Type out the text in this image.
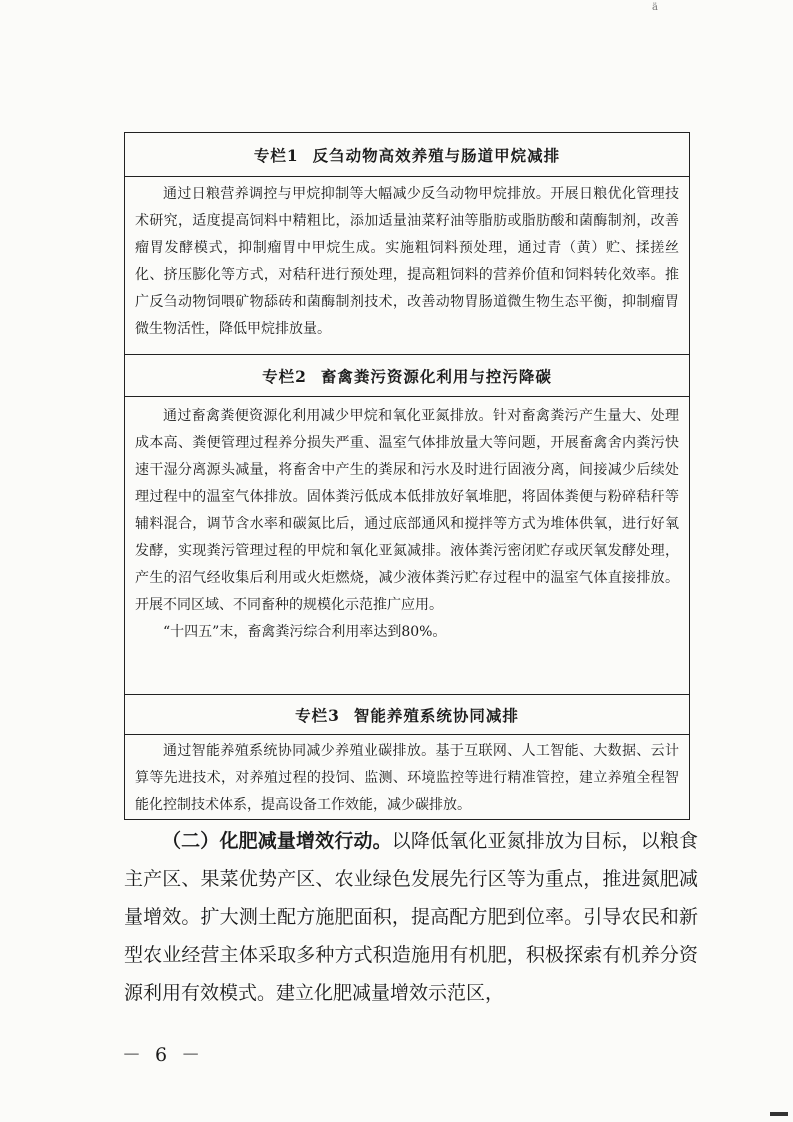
ä
专栏1 反刍动物高效养殖与肠道甲烷减排

通过日粮营养调控与甲烷抑制等大幅减少反刍动物甲烷排放。开展日粮优化管理技术研究，适度提高饲料中精粗比，添加适量油菜籽油等脂肪或脂肪酸和菌酶制剂，改善瘤胃发酵模式，抑制瘤胃中甲烷生成。实施粗饲料预处理，通过青（黄）贮、揉搓丝化、挤压膨化等方式，对秸秆进行预处理，提高粗饲料的营养价值和饲料转化效率。推广反刍动物饲喂矿物舔砖和菌酶制剂技术，改善动物胃肠道微生物生态平衡，抑制瘤胃微生物活性，降低甲烷排放量。

专栏2 畜禽粪污资源化利用与控污降碳

通过畜禽粪便资源化利用减少甲烷和氧化亚氮排放。针对畜禽粪污产生量大、处理成本高、粪便管理过程养分损失严重、温室气体排放量大等问题，开展畜禽舍内粪污快速干湿分离源头减量，将畜舍中产生的粪尿和污水及时进行固液分离，间接减少后续处理过程中的温室气体排放。固体粪污低成本低排放好氧堆肥，将固体粪便与粉碎秸秆等辅料混合，调节含水率和碳氮比后，通过底部通风和搅拌等方式为堆体供氧，进行好氧发酵，实现粪污管理过程的甲烷和氧化亚氮减排。液体粪污密闭贮存或厌氧发酵处理，产生的沼气经收集后利用或火炬燃烧，减少液体粪污贮存过程中的温室气体直接排放。开展不同区域、不同畜种的规模化示范推广应用。

“十四五”末，畜禽粪污综合利用率达到80%。

专栏3 智能养殖系统协同减排

通过智能养殖系统协同减少养殖业碳排放。基于互联网、人工智能、大数据、云计算等先进技术，对养殖过程的投饲、监测、环境监控等进行精准管控，建立养殖全程智能化控制技术体系，提高设备工作效能，减少碳排放。

（二）化肥减量增效行动。以降低氧化亚氮排放为目标，以粮食主产区、果菜优势产区、农业绿色发展先行区等为重点，推进氮肥减量增效。扩大测土配方施肥面积，提高配方肥到位率。引导农民和新型农业经营主体采取多种方式积造施用有机肥，积极探索有机养分资源利用有效模式。建立化肥减量增效示范区，
－ 6 －
